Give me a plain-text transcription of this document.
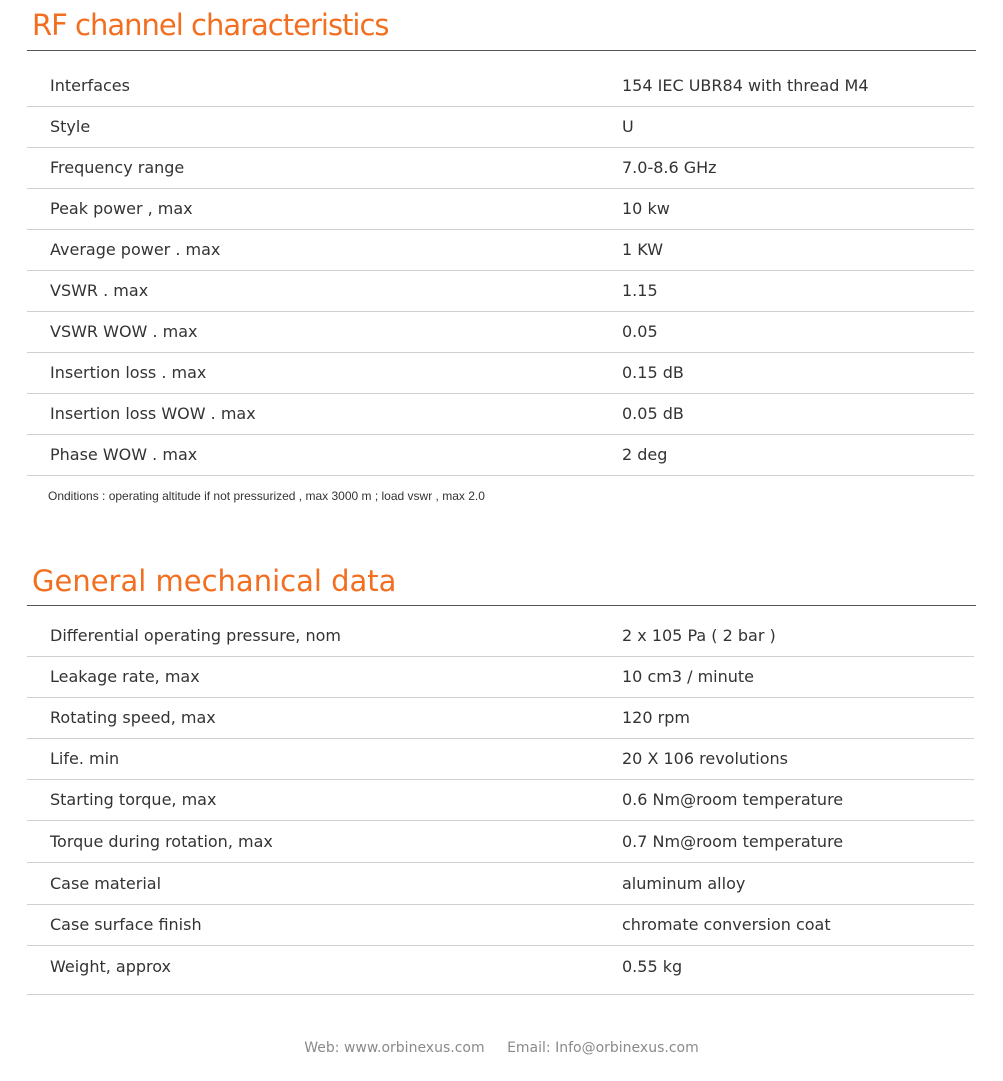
RF channel characteristics
Interfaces	154 IEC UBR84 with thread M4
Style	U
Frequency range	7.0-8.6 GHz
Peak power , max	10 kw
Average power . max	1 KW
VSWR . max	1.15
VSWR WOW . max	0.05
Insertion loss . max	0.15 dB
Insertion loss WOW . max	0.05 dB
Phase WOW . max	2 deg
Onditions : operating altitude if not pressurized , max 3000 m ; load vswr , max 2.0
General mechanical data
Differential operating pressure, nom	2 x 105 Pa ( 2 bar )
Leakage rate, max	10 cm3 / minute
Rotating speed, max	120 rpm
Life. min	20 X 106 revolutions
Starting torque, max	0.6 Nm@room temperature
Torque during rotation, max	0.7 Nm@room temperature
Case material	aluminum alloy
Case surface finish	chromate conversion coat
Weight, approx	0.55 kg
Web: www.orbinexus.com Email: Info@orbinexus.com
